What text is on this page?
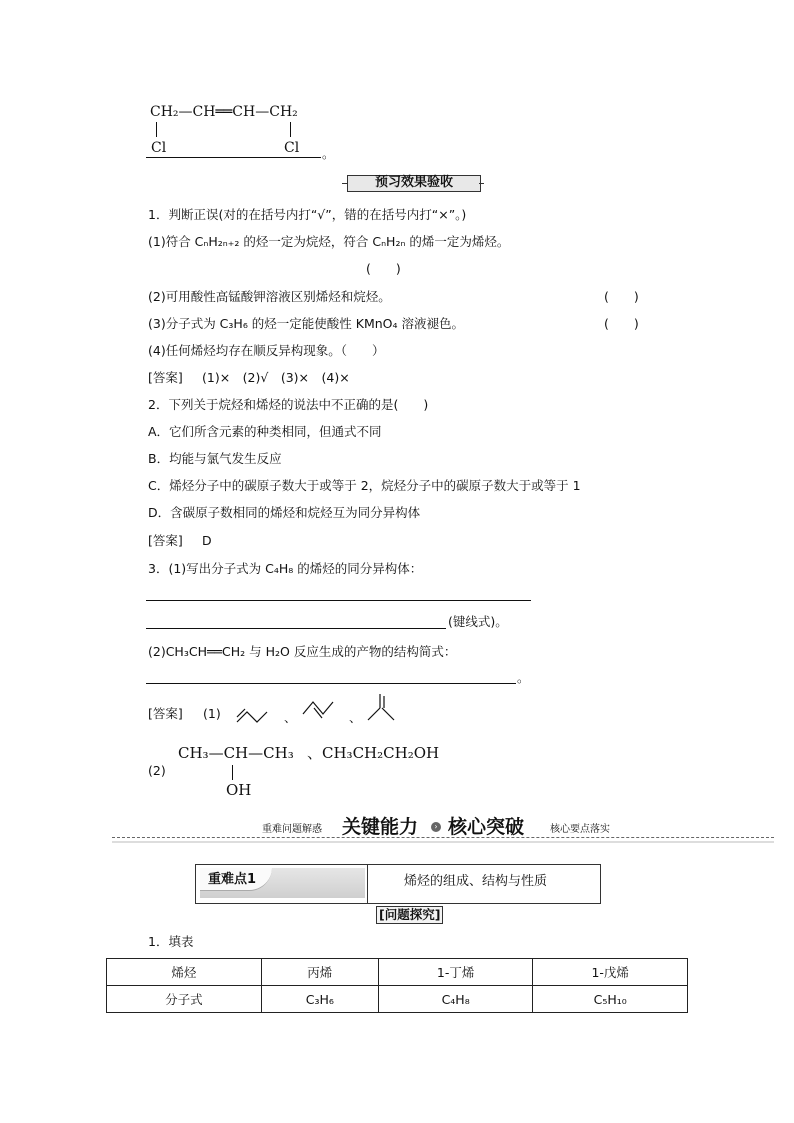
CH₂—CH══CH—CH₂
Cl	Cl 。
预习效果验收
1．判断正误(对的在括号内打“√”，错的在括号内打“×”。)
(1)符合 CₙH₂ₙ₊₂ 的烃一定为烷烃，符合 CₙH₂ₙ 的烯一定为烯烃。
(　　)
(2)可用酸性高锰酸钾溶液区别烯烃和烷烃。	(　　)
(3)分子式为 C₃H₆ 的烃一定能使酸性 KMnO₄ 溶液褪色。	(　　)
(4)任何烯烃均存在顺反异构现象。（　　）
[答案] (1)×　(2)√　(3)×　(4)×
2．下列关于烷烃和烯烃的说法中不正确的是(　　)
A．它们所含元素的种类相同，但通式不同
B．均能与氯气发生反应
C．烯烃分子中的碳原子数大于或等于 2，烷烃分子中的碳原子数大于或等于 1
D．含碳原子数相同的烯烃和烷烃互为同分异构体
[答案] D
3．(1)写出分子式为 C₄H₈ 的烯烃的同分异构体：
(键线式)。
(2)CH₃CH══CH₂ 与 H₂O 反应生成的产物的结构简式：
。
[答案] (1)	、	、
(2)
CH₃—CH—CH₃
OH
、CH₃CH₂CH₂OH
重难问题解惑 关键能力	› 核心突破	核心要点落实
重难点1	烯烃的组成、结构与性质
[问题探究]
1．填表
烯烃	丙烯	1-丁烯	1-戊烯
分子式	C₃H₆	C₄H₈	C₅H₁₀
